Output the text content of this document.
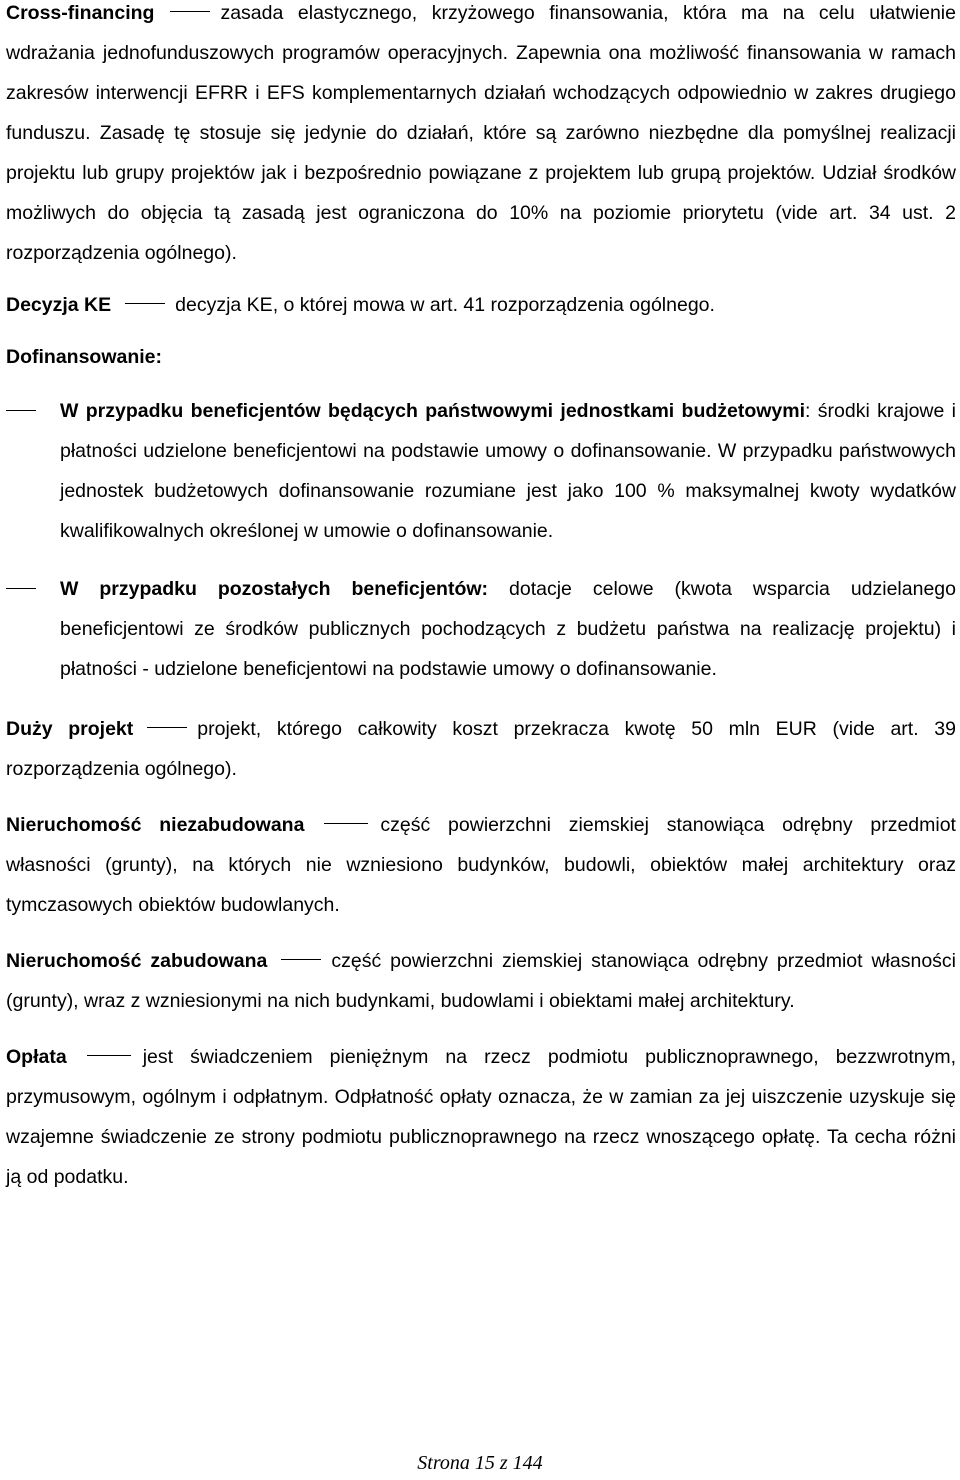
Cross-financing	zasada elastycznego, krzyżowego finansowania, która ma na celu ułatwienie wdrażania jednofunduszowych programów operacyjnych. Zapewnia ona możliwość finansowania w ramach zakresów interwencji EFRR i EFS komplementarnych działań wchodzących odpowiednio w zakres drugiego funduszu. Zasadę tę stosuje się jedynie do działań, które są zarówno niezbędne dla pomyślnej realizacji projektu lub grupy projektów jak i bezpośrednio powiązane z projektem lub grupą projektów. Udział środków możliwych do objęcia tą zasadą jest ograniczona do 10% na poziomie priorytetu (vide art. 34 ust. 2 rozporządzenia ogólnego).

Decyzja KE	decyzja KE, o której mowa w art. 41 rozporządzenia ogólnego.

Dofinansowanie:

W przypadku beneficjentów będących państwowymi jednostkami budżetowymi: środki krajowe i płatności udzielone beneficjentowi na podstawie umowy o dofinansowanie. W przypadku państwowych jednostek budżetowych dofinansowanie rozumiane jest jako 100 % maksymalnej kwoty wydatków kwalifikowalnych określonej w umowie o dofinansowanie.

W przypadku pozostałych beneficjentów: dotacje celowe (kwota wsparcia udzielanego beneficjentowi ze środków publicznych pochodzących z budżetu państwa na realizację projektu) i płatności - udzielone beneficjentowi na podstawie umowy o dofinansowanie.

Duży projekt	projekt, którego całkowity koszt przekracza kwotę 50 mln EUR (vide art. 39 rozporządzenia ogólnego).

Nieruchomość niezabudowana	część powierzchni ziemskiej stanowiąca odrębny przedmiot własności (grunty), na których nie wzniesiono budynków, budowli, obiektów małej architektury oraz tymczasowych obiektów budowlanych.

Nieruchomość zabudowana	część powierzchni ziemskiej stanowiąca odrębny przedmiot własności (grunty), wraz z wzniesionymi na nich budynkami, budowlami i obiektami małej architektury.

Opłata	jest świadczeniem pieniężnym na rzecz podmiotu publicznoprawnego, bezzwrotnym, przymusowym, ogólnym i odpłatnym. Odpłatność opłaty oznacza, że w zamian za jej uiszczenie uzyskuje się wzajemne świadczenie ze strony podmiotu publicznoprawnego na rzecz wnoszącego opłatę. Ta cecha różni ją od podatku.

Strona 15 z 144
